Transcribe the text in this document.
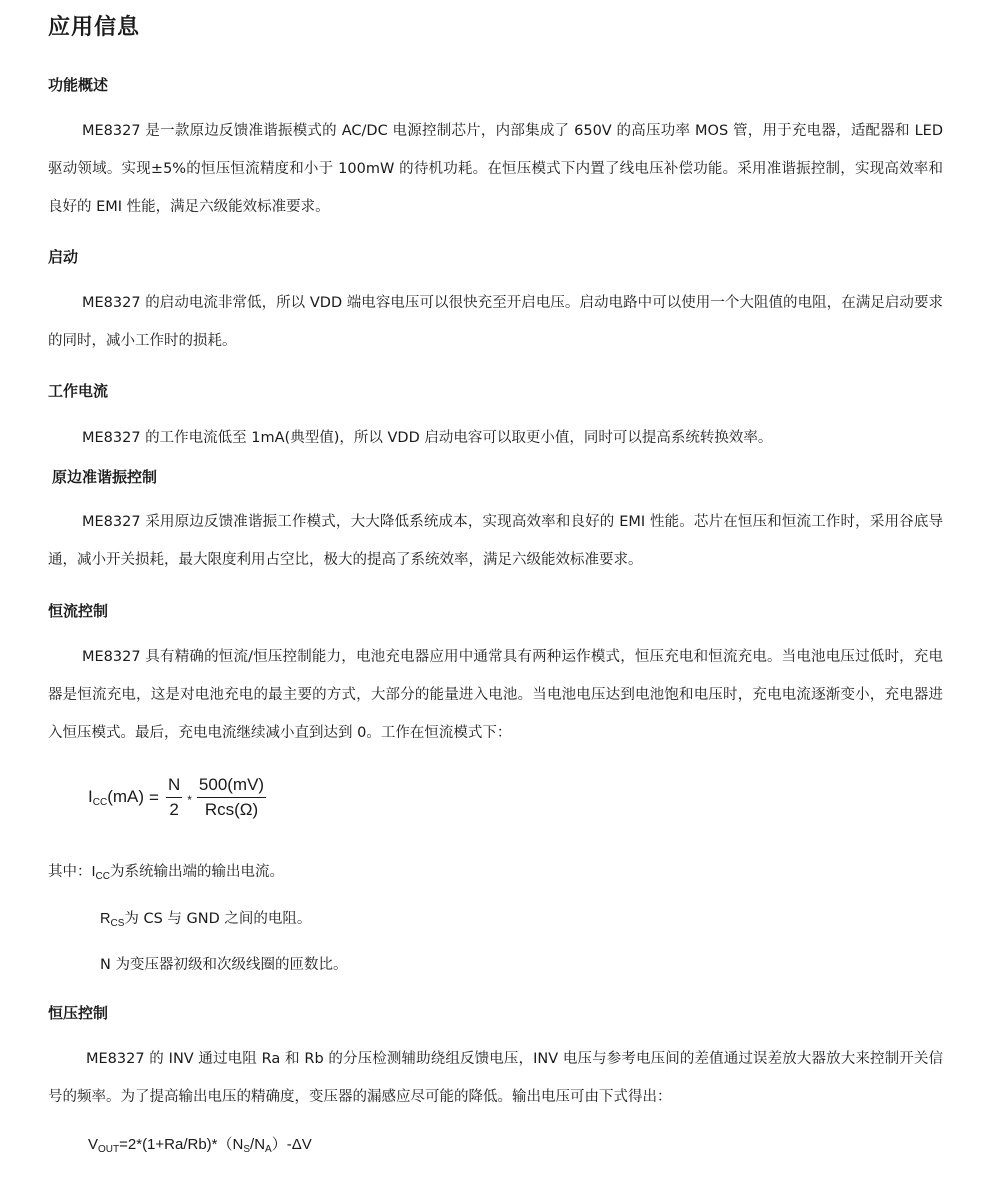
应用信息
功能概述
ME8327 是一款原边反馈准谐振模式的 AC/DC 电源控制芯片，内部集成了 650V 的高压功率 MOS 管，用于充电器，适配器和 LED 驱动领域。实现±5%的恒压恒流精度和小于 100mW 的待机功耗。在恒压模式下内置了线电压补偿功能。采用准谐振控制，实现高效率和良好的 EMI 性能，满足六级能效标准要求。
启动
ME8327 的启动电流非常低，所以 VDD 端电容电压可以很快充至开启电压。启动电路中可以使用一个大阻值的电阻，在满足启动要求的同时，减小工作时的损耗。
工作电流
ME8327 的工作电流低至 1mA(典型值)，所以 VDD 启动电容可以取更小值，同时可以提高系统转换效率。
原边准谐振控制
ME8327 采用原边反馈准谐振工作模式，大大降低系统成本，实现高效率和良好的 EMI 性能。芯片在恒压和恒流工作时，采用谷底导通，减小开关损耗，最大限度利用占空比，极大的提高了系统效率，满足六级能效标准要求。
恒流控制
ME8327 具有精确的恒流/恒压控制能力，电池充电器应用中通常具有两种运作模式，恒压充电和恒流充电。当电池电压过低时，充电器是恒流充电，这是对电池充电的最主要的方式，大部分的能量进入电池。当电池电压达到电池饱和电压时，充电电流逐渐变小，充电器进入恒压模式。最后，充电电流继续减小直到达到 0。工作在恒流模式下：
$I_{CC}(mA) = \frac{N}{2} * \frac{500(mV)}{\text{Rcs(Ω)}}$
其中：$I_{CC}$为系统输出端的输出电流。
$R_{CS}$为 CS 与 GND 之间的电阻。
N 为变压器初级和次级线圈的匝数比。
恒压控制
ME8327 的 INV 通过电阻 Ra 和 Rb 的分压检测辅助绕组反馈电压，INV 电压与参考电压间的差值通过误差放大器放大来控制开关信号的频率。为了提高输出电压的精确度，变压器的漏感应尽可能的降低。输出电压可由下式得出：
$V_{OUT}=2*(1+Ra/Rb)*(N_S/N_A)-\Delta V$
